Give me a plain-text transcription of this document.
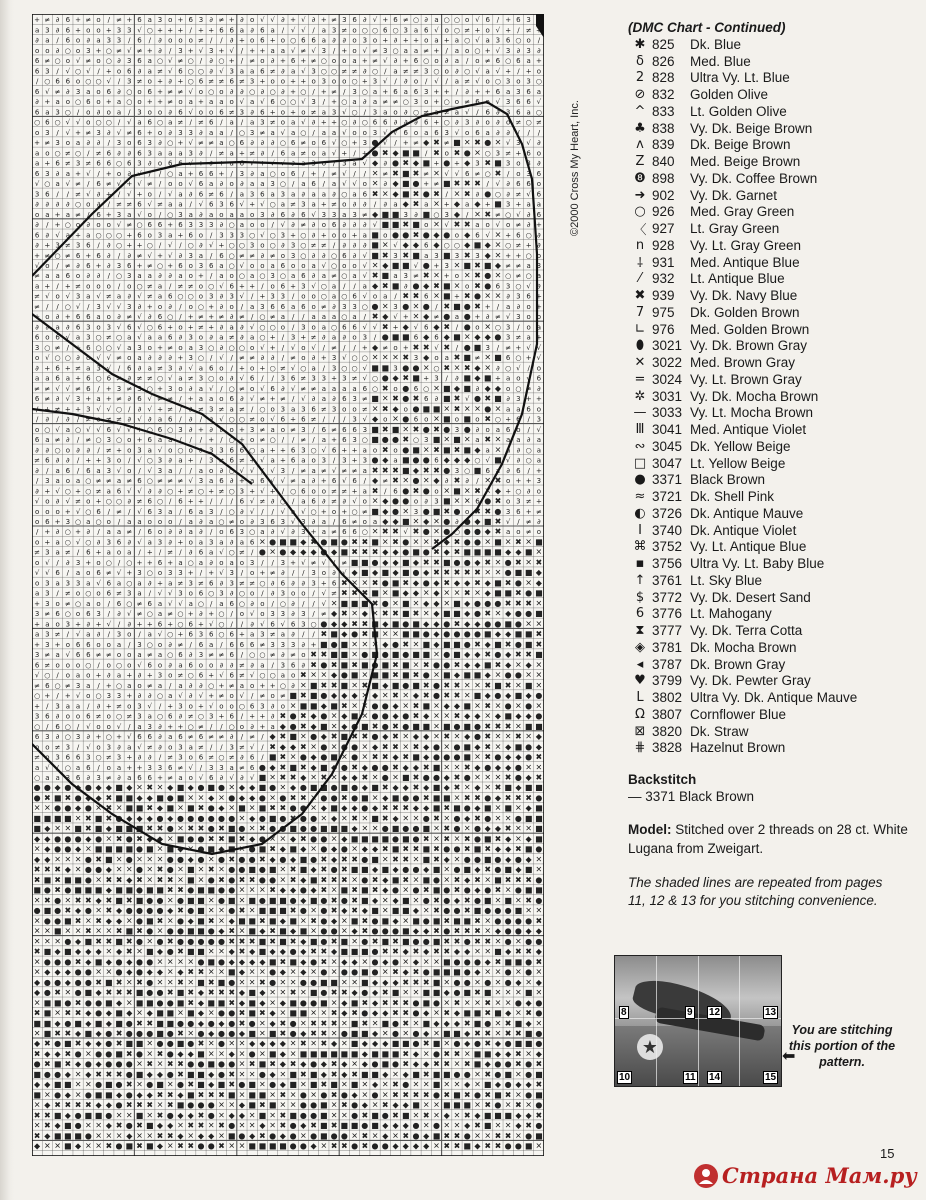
+ ≠ ∂ 6 + ≠ o / ≠ + 6 a 3 o + 6 3 ∂ ≠ + ∂ o √ √ ∂ + √ ∂ + ≠ 3 6 ∂ √ + 6 ≠ ○ ∂ a ○ ○ o √ 6 / + 6 3
a 3 ∂ 6 + o o + 3 3 √ ○ + + + / + + 6 6 a ∂ 6 a / √ √ / a 3 ≠ o ○ ○ 6 ○ 3 a 6 √ o ○ ≠ + o √ + / ≠ +
∂ a / 6 o ∂ a 3 3 / 6 / ∂ o o o ≠ / / ∂ + o 6 + o ○ 6 6 a ∂ ∂ o 3 o + ∂ + + o a + a ○ √ a 3 6 ○ o /
o o ∂ ○ o 3 + ○ ≠ √ ≠ + ∂ / 3 + √ 3 + √ / + + a a √ ≠ √ 3 / + o √ ≠ 3 ○ a a ≠ + / a o ○ + √ 3 ∂ 3 ∂
6 ≠ ○ o √ ≠ o ○ ∂ 3 6 a ○ √ ≠ ○ / ∂ ○ + / ≠ o ∂ + 6 + ≠ ○ o o a + ≠ √ ∂ + 6 ○ o ∂ a / o ≠ 6 ○ 6 a +
6 3 / √ ○ √ / + o 6 ∂ a ≠ √ 6 ○ ○ ∂ √ 3 a a 6 ≠ ∂ a √ 3 ○ ○ ≠ ≠ ∂ ○ / a ≠ ≠ 3 ○ o ∂ ○ √ a √ + / + o
/ ○ 6 6 o ○ ○ √ / 3 ≠ o + ∂ + ○ 6 ≠ ≠ 6 ≠ 3 + o o + + o 3 o o ○ + 3 √ / ∂ o / √ / a ≠ √ o ○ 3 o 3 ○
6 √ ≠ ∂ 3 a o 6 ∂ ○ o 6 + ≠ ≠ √ o ○ o ∂ ∂ ○ ∂ ○ ∂ + ○ / + ≠ / 3 ○ a + 6 a 6 3 + + / ∂ + + 6 a 3 6 a
∂ + a o ○ 6 o + a ○ o + + ≠ o a + a a o √ a √ 6 ○ ○ √ 3 / + ○ a ∂ a ≠ ≠ ○ 3 o + ○ o ≠ 6 o √ 3 6 6 √
6 a 3 ○ / o ∂ o a / 3 o o ∂ 6 √ o o 6 ≠ 3 ∂ 6 + o + o ≠ a 3 √ ○ / 3 a o ∂ ○ ≠ a ≠ a √ / 6 ∂ 3 6 a ○
○ 6 ○ √ √ o ○ ○ / √ a 6 ○ a ≠ / ≠ 6 / a / a 3 ≠ o a √ ∂ + + ○ ∂ ○ 6 6 ∂ ∂ ∂ 6 + ○ ∂ 3 ∂ o ∂ o ≠ ○ ≠
o 3 / √ + ≠ 3 ∂ √ ≠ 6 + o ∂ 3 3 ∂ a a / ○ 3 ≠ a √ a ○ / a a √ o o 3 √ √ 6 o a 6 3 √ o 6 a ∂ ∂ / / /
+ ≠ 3 o a ∂ ∂ / 3 o 6 3 ∂ ○ + √ ≠ ≠ a ○ 6 ∂ ∂ ∂ ○ 6 ≠ o 6 √ ○ + 3 ● √ / + ≠ ◆ ✖ ≠ ■ ✕ ✖ ● ✕ √ 3 √ ∂
a o ○ ≠ ○ / ≠ 6 ∂ ∂ 6 3 a a a 3 ∂ / ≠ a + ≠ ∂ / 6 a ≠ o a √ + / + ● ✖ ◆ ■ ■ / ✖ o ✖ ● ✕ ○ 3 ≠ + 6 o
a + 6 ≠ 3 ≠ 6 6 ○ 6 3 ∂ o 6 6 √ + ∂ + a 6 √ + √ √ ∂ a 3 o / 3 a √ ◆ ∂ ● ✖ ◆ ■ + ● + ◆ 3 ✖ ■ 3 o 3 ∂
6 3 ∂ a + √ / + o ∂ √ / / ○ a + 6 6 + / 3 ∂ a ○ o 6 / + / ≠ √ / / ✕ ≠ ✖ ■ ✖ ≠ ✕ √ √ 6 ≠ ○ ✖ / o 3 6
√ ○ a √ ≠ / 6 ≠ √ + √ ≠ / o o √ 6 a ∂ o ∂ a a 3 ○ / a 6 / a √ √ o ✕ ∂ ◆ ■ ● + ≠ ■ ✖ ✖ ✖ / √ ∂ 6 6 o
3 6 / / ≠ √ ∂ + / √ + o / √ a ∂ 6 ≠ 6 / a 3 6 a 3 a ∂ a a ∂ ○ a 6 ✖ ✕ ◆ ■ ✖ ● ✖ / ✕ ✖ ∂ ● ○ ∂ ≠ √ 6
∂ ∂ ∂ ∂ ○ o ∂ / ≠ ≠ 6 √ ≠ a a / √ 6 3 6 √ + √ ○ a ≠ 3 a + ≠ o ∂ ∂ / ∂ a ◆ ✖ a ✕ + ◆ a ◆ + ■ 3 + a a
o a + a ≠ / 6 + 3 a √ o / ○ 3 a ∂ a o a a o 3 ∂ 6 ∂ 6 √ 3 3 a 3 ≠ ◆ ■ ■ 3 ∂ ■ ○ 3 ◆ / ✕ ✖ ≠ ○ √ ∂ 6
∂ / + ○ o ∂ o o √ ≠ ○ 6 6 + 6 3 3 3 ∂ ○ a o o / √ ∂ ≠ ∂ o 6 ∂ ∂ ∂ √ ■ ■ ✖ ■ o ✕ √ ✖ ✖ a o √ o ≠ ∂ +
6 ∂ √ a + a ○ ○ ○ + 6 o 3 a + 6 o / 3 3 3 ○ √ ○ 3 + ○ ∂ + o o + a ■ o ● ● ✖ ● ◆ ● o ◆ 6 √ ✕ + 6 ○ ∂
∂ + 3 ≠ 3 6 / ∂ ○ + + ○ / √ / ○ ∂ √ + ○ ○ 3 o ○ ∂ 3 ○ ≠ ≠ / ∂ ∂ ∂ ■ ✕ √ ◆ ◆ 6 ◆ ○ ○ ◆ ■ ◆ ✕ ○ ≠ + ∂
+ ≠ ○ ≠ 6 + 6 ∂ / ∂ ≠ √ + √ ∂ 3 a / 6 ○ ≠ ≠ ∂ ≠ o 3 ○ ∂ ∂ ○ 6 ∂ √ ■ ✖ 3 ✖ ■ a 3 ■ 3 ✖ 3 ◆ ✕ + + ○ o
√ o / ≠ ∂ 6 + ∂ 3 6 + ≠ ○ + 6 o 3 6 a ○ √ o o a 6 o o a √ ○ o o √ ✕ ◆ ■ ■ √ ● + 3 ✕ ■ ✖ ■ ◆ ≠ ≠ a 3
≠ a a 6 o ∂ ∂ / ○ 3 a a ∂ ∂ a o + / a o ○ a ○ 3 ○ a 6 ∂ a ≠ ○ a √ ✖ ■ a 3 ≠ ✖ ✕ + o ✕ ✖ ● ✕ ○ ≠ ○ a
a + / + ≠ o o o / o ○ ≠ a / ≠ ≠ o ○ √ 6 + + / o 6 + 3 √ ○ a / / a ◆ ✖ ■ ∂ ● ◆ ✖ ■ ✕ o ✖ ● 6 3 ○ √ ∂
≠ √ o √ 3 a √ ≠ a ∂ √ ≠ a 6 ○ ○ o 3 ∂ 3 √ / + 3 3 / o o ○ a ○ 6 √ o a / ✖ ✖ 6 ✕ ■ + ✖ ● ✕ ✕ ∂ 3 6 +
≠ / / ○ √ / 3 √ √ 3 ∂ + o ∂ / o ○ + ∂ o / a 3 6 6 a 6 o ≠ ∂ 3 3 ○ ● ✕ 3 ● ✕ ● / ✖ ■ ● ✖ + / a ∂ o +
+ o ∂ + 6 6 a o ∂ ≠ √ ∂ 6 ○ / + ≠ + ≠ ∂ ≠ / ○ ≠ a / / a a a ○ a / ✖ ◆ √ + ✕ ◆ ≠ ● a ● + ∂ ≠ √ 3 o o
∂ ∂ a ∂ 6 3 o 3 √ 6 √ ○ 6 + o + ≠ + ∂ a ∂ √ ○ ○ o / 3 o a ○ 6 6 √ √ ✖ + ◆ √ 6 ◆ ✖ / ● o ✕ ○ 3 / o a
6 o 6 √ a 3 ○ ≠ ○ a √ a a 6 ∂ 3 o ∂ a ≠ ∂ a ○ + / 3 + ≠ ∂ a ∂ o 3 / ● ■ ■ 6 ◆ 6 ◆ ■ ✕ ◆ ◆ ● 3 ≠ a +
3 ○ ≠ / + 6 ○ ○ √ a 3 o + ≠ o a 3 ○ ∂ ○ ○ o √ + / √ o √ / ≠ / / + ◆ ≠ o + ✖ ✖ √ ✖ / ● ■ 3 / ≠ + √ √
o √ ○ ○ ∂ o √ √ ≠ o a ∂ ∂ ∂ + 3 ○ / √ / ≠ ≠ ∂ ∂ / ≠ o ∂ + 3 √ ○ ○ ✕ ✕ ✕ ✖ 3 ◆ o a ✖ ■ ≠ ✕ ■ 6 ○ + √
∂ + 6 + ≠ a 3 √ / 6 ∂ a ≠ 3 ∂ √ a 6 o / + o + ○ ≠ √ ○ a / 3 ○ ○ √ ■ ■ 3 ● ● ✕ ○ ✖ ✕ ✖ ◆ ✕ ∂ ○ √ / o
a a 6 a + 6 ○ 6 ≠ ∂ ≠ ≠ ○ √ a ≠ 3 ○ o ∂ √ 6 / / 3 6 ≠ 3 3 + 3 ≠ √ ○ ● ◆ ✖ ■ + 3 / ∂ ■ ◆ ■ + a o √ 6
≠ ≠ √ √ ≠ 6 / + 3 ≠ 3 ○ + 3 o ∂ a √ / ○ ≠ o √ 6 ∂ √ ≠ ≠ a a a a 6 ○ ✖ o ● 6 ○ ✕ ■ ◆ ■ ∂ ◆ ◆ o ○ ≠ ∂
6 ≠ ∂ √ 3 + a + ≠ ∂ 6 √ ≠ ≠ / + a a o 6 ∂ √ ≠ + ≠ / √ ∂ a ∂ 6 3 ≠ ■ ✕ ✖ ● ✖ 6 ∂ ■ ✖ √ ● ✖ ■ ∂ 3 + +
/ + ≠ + + 3 √ √ ○ / ∂ √ + ≠ / ∂ ≠ 3 ≠ a ≠ / ○ o 3 a 3 6 ≠ 3 o o ≠ ✕ ✖ ◆ o ● ■ ■ ✕ ✖ ✕ ✕ ● ✕ a a 6 o
/ ∂ / ∂ / ≠ o ≠ ≠ ∂ √ ∂ a 6 / ∂ / ∂ √ ○ ○ ≠ o √ 6 + 6 ≠ / / / 3 √ ◆ o ✕ ● 6 o ✕ ■ o ■ o ✖ ○ + 6 / 3
o ○ √ a ○ √ √ 6 √ √ + ○ 6 ○ 3 ∂ + ∂ ∂ o + 3 ≠ a o ≠ 3 / 6 ≠ 6 6 3 ■ ✖ ■ ✕ ✖ ● ✖ ● 3 ● ∂ o a 6 o / √
6 a ≠ ∂ / ≠ ○ 3 ○ o + 6 a a / / / + / ○ + o ≠ ○ / / ≠ / a + 6 3 ○ ■ ● ● ✖ ○ 3 ■ ✕ ■ ✕ a ✖ ✕ a a ∂ a
∂ ∂ ○ o ∂ ∂ / ≠ + o 3 a √ o ○ o ∂ 3 3 6 6 ○ a + + 6 3 ○ √ 6 + + a o ✖ o ● ■ ✕ ✖ ■ ✖ ■ ◆ a ✕ a ∂ ○ a
≠ 6 ∂ ∂ / + + 3 o / √ ○ 3 ∂ a + / 3 ≠ 6 ≠ + √ a + 6 a o 3 / 3 + 3 ● ◆ a ■ ● ● 6 ◆ ◆ ◆ ○ √ ■ √ ∂ ○ a
∂ / a 6 / 6 a 3 √ o / √ 3 a / / a o ∂ ○ √ √ / √ 3 / ≠ a ≠ √ ≠ ≠ a ✖ ✖ ✖ ■ ◆ ✖ ✖ ● 3 ○ ■ 6 a ∂ 6 / +
/ 3 a o a ○ ≠ ≠ a ≠ 6 ○ ≠ ≠ ≠ √ 3 a 6 ∂ + a 6 √ √ ≠ a ∂ + 6 √ 6 / ◆ ≠ ✖ ✕ ● ✕ ◆ ∂ ✖ ∂ / ✕ ✖ o + + 3
∂ + √ ○ + ○ ≠ a 6 √ √ ∂ ∂ ○ + ≠ ○ + ≠ ○ 3 + √ + / ○ 6 o o ≠ ≠ + a ✖ / 6 ● ✖ ● o ✕ ■ ✕ ✖ ✕ ◆ + ○ ∂ o
√ o ∂ √ ≠ o + ○ ○ ∂ ≠ 6 ○ / 6 + + / / / 6 √ ≠ ∂ ○ / a 6 ∂ ≠ ∂ √ o ✕ ◆ ● ● o ∂ 3 ■ ✕ ✕ 6 ● ✖ o 3 ≠ +
o o o + √ ○ 6 / ≠ / √ 6 3 a / 6 a 3 / ○ ∂ √ / / √ a √ ○ + o + ○ ≠ ■ ◆ ● ✕ 3 ● ■ ✖ ● o ✖ ✖ ● 3 6 + ≠
o 6 + 3 ○ a ○ o / a a o o o / a ∂ a ○ ≠ o ∂ 3 6 3 √ 3 ∂ a / 6 ≠ o a ◆ ◆ ■ ✕ ◆ ✕ ● ∂ ● ◆ ■ ✖ √ / ≠ ∂
/ + ∂ ○ + ∂ / a a ≠ / 6 o ∂ ∂ a ∂ / o 6 3 ○ a ∂ √ ∂ 3 + a ≠ 6 6 ○ ✕ ✖ ✖ √ ✖ ● ✕ ● ○ ● ● ◆ ✖ a o ≠ o
o + a ○ √ ○ ∂ 3 6 ∂ √ a 3 ∂ + o a 3 a ∂ a 6 ✕ ● ■ ■ ◆ ✖ ● ■ ● ✖ ✖ ■ ✕ ✖ ● ✕ ✕ ✖ ◆ ✖ ● ● ✕ ■ ✕ ✖ ✕ ■
≠ 3 a ≠ / 6 + a o a / + / ≠ / ∂ 6 a √ ○ ≠ / ● ✕ ● ◆ ◆ ◆ ● ◆ ■ ✖ ✖ ✖ ◆ ◆ ● ■ ● ✖ ◆ ✖ ■ ■ ■ ■ ◆ ◆ ■ ✕
o √ / ∂ 3 + o ○ / ○ + + 6 + a ○ a ∂ o a o 3 / / 3 + √ ≠ √ / ≠ ■ ■ ● ◆ ◆ ■ ◆ ✖ ✖ ■ ● ● ◆ ✖ ✕ ● ✖ ✕ ✖
√ √ 6 / a o 6 ≠ √ + 3 ○ o 3 3 + / + √ 3 / o + ≠ ∂ / / 3 o ∂ √ ◆ ■ ◆ ■ ◆ ■ ● ◆ ✖ ✖ ✖ ✖ ✖ ✕ ✕ ● ■ ■ ◆
o 3 a 3 3 a √ 6 a ○ a ∂ + a ≠ 3 ≠ 6 ∂ 3 ≠ ≠ ○ ∂ 6 ∂ ∂ 3 + 6 ✖ ✕ ✕ ✖ ● ■ ✖ ◆ ● ◆ ✖ ◆ ◆ ✖ ◆ ■ ✖ ● ✕ ◆
a 3 / ≠ o ○ o 6 ≠ 3 a / √ √ 3 o 6 ○ 3 ∂ ○ o / ∂ 3 o o / √ ≠ ✖ ✖ ✖ ■ ✕ ■ ◆ ◆ ✕ ◆ ✕ ✕ ✖ ✕ ◆ ■ ■ ✖ ● ■
+ 3 o ≠ ○ a o / 6 ○ ≠ 6 a √ √ a ○ / a 6 ○ ∂ o / ○ ∂ / / √ ✕ ■ ■ ■ ✖ ● ✕ ■ ✕ ◆ ◆ ✕ ■ ◆ ● ● ● ✖ ✖ ✖ ✕
3 ≠ 6 ○ o 6 3 / ∂ √ ≠ ○ a ≠ ○ + ∂ + ○ / o √ o 3 3 ∂ 3 / ≠ ◆ ✖ ✕ ◆ ✕ ✖ ✖ ■ ✖ ✕ ◆ ■ ■ ◆ ● ✖ ✕ ◆ ● ● ■
+ a o 3 + ∂ + √ / ∂ + + 6 + ○ 6 + √ ○ / / ∂ √ 6 √ 6 3 ○ ● ◆ ◆ ✖ ✖ ■ ◆ ■ ● ■ ◆ ◆ ● ✖ ◆ ◆ ● ● ■ ● ✕ ✕
a 3 ≠ / √ a ∂ / 3 o / a √ ○ + 6 3 6 ○ 6 + a 3 ≠ a ∂ / / ✖ ■ ◆ ● ✖ ■ ✕ ✕ ■ ■ ● ◆ ● ● ● ● ■ ◆ ◆ ■ ■ ✖
+ 3 + o 6 6 o o a / 3 ○ o ∂ ≠ / 6 a / 6 6 6 ≠ 3 3 3 ∂ + ■ ● ■ ✕ ✕ ✕ ◆ ● ✖ ✕ ■ ◆ ■ ■ ● ✖ ◆ ■ ✖ ● ■ ✖
3 ≠ a √ 6 6 ≠ ≠ o o a ≠ a ○ 6 ∂ 3 ≠ ≠ 6 / ○ ○ ≠ ∂ ≠ o ✖ ✖ ■ ■ ✕ ● ■ ● ■ ● ■ ■ ✕ ● ■ ◆ ◆ ✖ ● ◆ ✖ ✖ ■
6 ≠ o o o ○ / o ○ o √ 6 o ∂ a 6 o o ∂ ∂ ≠ ∂ a / 3 6 ∂ ✖ ● ✖ ■ ✖ ■ ● ■ ✖ ■ ✕ ✖ ● ● ✖ ◆ ◆ ■ ✖ ◆ ✕ ◆ ✕
√ ○ / o a o + ∂ a + ∂ + 3 o ≠ ○ 6 + √ 6 ≠ √ ○ ○ a o ✖ ✕ ✕ ◆ ● ■ ✕ ■ ■ ✖ ■ ✖ ● ✕ ■ ◆ ■ ■ ◆ ✕ ● ● ✕ ✕
≠ 6 ○ ≠ 3 a / + ○ a o ≠ a / a ∂ ∂ ○ + ≠ a o + + ○ ∂ ✕ ■ ✖ ✖ ■ ✕ ✖ ■ ◆ ■ ● ■ ✖ ● ✖ ✖ ✕ ✕ ✖ ■ ✖ ✕ ■ ✕
○ + / + √ o ○ 3 3 + ∂ ∂ ○ a √ ∂ √ + ≠ o √ / ≠ o ≠ ■ ✖ ■ ● ◆ ◆ ◆ ✕ ◆ ✕ ✖ ✕ ◆ ✖ ● ✖ ✖ ✕ ■ ◆ ● ◆ ■ ◆ ●
+ / 3 a a / ∂ + ≠ o 3 √ / + 3 o + √ o o ○ 6 3 ∂ o ✕ ■ ■ ◆ ■ ✖ ✕ ✕ ● ● ◆ ✕ ✖ ■ ✕ ◆ ◆ ■ ✕ ✖ ✕ ● ✕ ● ✕
3 6 ∂ o o 6 ≠ o ○ ≠ 3 a ○ 6 ∂ ≠ ○ 3 + 6 / + + ∂ ✖ ● ✖ ◆ ● ✕ ◆ ■ ✕ ● ● ◆ ● ✖ ◆ ✕ ✕ ✖ ◆ ◆ ✕ ◆ ■ ◆ ◆ ●
○ / 6 ○ / √ o o √ / a 3 ∂ + + ○ ≠ / / ○ o ∂ + a ◆ ● ✖ ◆ ■ ✕ ◆ ● ■ ✖ ● ✖ ● ■ ■ ✕ ■ ● ■ ● ✖ ✖ ✖ ✕ ■ ■
6 3 ∂ ○ 3 ∂ + ○ + √ 6 6 ∂ a 6 ≠ 6 ≠ ≠ ∂ / ≠ / ◆ ✖ ■ ✕ ● ◆ ✖ ■ ✖ ✖ ● ◆ ✖ ✕ ◆ ◆ ✕ ✖ ✕ ◆ ● ✖ ✕ ✕ ✖ ✕ ◆
o o ≠ 3 / √ o 3 ∂ a √ ≠ ∂ o 3 a ≠ / / 3 ≠ √ / ✖ ◆ ◆ ✖ ✕ ● ✕ ● ● ✕ ◆ ✖ ✖ ✕ ✖ ◆ ● ✕ ● ■ ◆ ✖ ✕ ◆ ■ ● ◆
≠ o 3 6 6 3 ○ ≠ 3 + ∂ ∂ / ≠ 3 o 6 ≠ ○ ≠ ∂ 6 / ■ ✖ ✕ ● ◆ ● ■ ✕ ● ✕ ✖ ✖ ◆ ✖ ■ ◆ ● ● ● ■ ✕ ✖ ● ◆ ◆ ● ✖
a √ / ○ a 6 / o a + + 3 3 6 ≠ √ / 3 3 a ≠ 6 ● ◆ ✖ ■ ✖ ◆ ■ ◆ ● ✖ ◆ ● ● ✖ ◆ ◆ ✖ ■ ✕ ✕ ✖ ◆ ● ◆ ◆ ● ✕ ✕
○ a a 3 6 ∂ 3 ≠ ∂ a 6 6 + ≠ a o √ 6 ∂ √ ∂ √ ■ ✕ ✖ ✖ ◆ ✕ ✖ ✕ ◆ ◆ ✖ ✕ ● ✕ ■ ✖ ● ● ◆ ✖ ● ✕ ✕ ✕ ✖ ● ◆ ✖
● ● ◆ ● ◆ ● ◆ ◆ ■ ◆ ✕ ✖ ✕ ◆ ■ ◆ ● ■ ● ✕ ◆ ◆ ■ ● ✕ ◆ ● ■ ■ ● ■ ● ◆ ■ ✖ ◆ ◆ ✖ ◆ ■ ◆ ✖ ✕ ◆ ✕ ✖ ■ ◆ ■ ■
● ✖ ■ ✖ ● ◆ ◆ ✖ ■ ■ ◆ ◆ ■ ● ■ ✕ ✕ ◆ ✕ ● ◆ ◆ ● ✕ ● ✖ ✖ ✕ ● ● ✖ ● ■ ✕ ◆ ■ ● ● ✖ ■ ■ ✕ ✖ ✖ ● ◆ ✖ ✖ ✖ ●
✕ ✕ ● ● ◆ ● ✕ ✖ ✕ ■ ■ ✖ ◆ ■ ✕ ■ ✖ ● ◆ ✕ ■ ✕ ■ ✖ ✖ ● ● ✕ ◆ ■ ◆ ◆ ● ◆ ✖ ✖ ✖ ◆ ◆ ■ ✖ ■ ● ◆ ■ ✕ ■ ✕ ◆ ■
■ ■ ■ ■ ✕ ✖ ■ ✖ ● ◆ ◆ ◆ ● ◆ ● ● ● ● ● ● ✕ ◆ ● ■ ● ✖ ● ● ✕ ◆ ✕ ✖ ✕ ■ ✖ ◆ ✕ ✕ ● ✖ ✕ ● ◆ ✖ ● ✕ ✕ ● ■ ■
■ ◆ ✕ ✕ ■ ✖ ■ ◆ ■ ■ ■ ✖ ✖ ● ✕ ✖ ✖ ● ✖ ■ ● ✕ ✖ ● ● ■ ● ● ■ ■ ■ ◆ ✕ ✕ ● ■ ● ● ■ ✕ ✖ ● ✕ ● ◆ ◆ ✖ ✕ ✕ ■
◆ ◆ ● ● ● ◆ ● ✕ ✖ ● ✖ ◆ ◆ ✕ ■ ● ● ✖ ✖ ■ ✖ ◆ ● ✕ ✕ ◆ ✖ ● ● ✕ ◆ ■ ■ ■ ■ ● ■ ● ✖ ✕ ✖ ✕ ✖ ● ■ ✖ ◆ ✕ ◆ ■
✕ ◆ ● ● ◆ ✕ ■ ■ ■ ■ ● ■ ✕ ■ ◆ ✕ ● ■ ◆ ■ ✕ ● ■ ✖ ◆ ■ ◆ ✕ ● ◆ ● ✕ ◆ ◆ ✖ ■ ✖ ✖ ■ ✖ ● ● ✖ ■ ✖ ◆ ◆ ✖ ■ ●
◆ ◆ ✕ ✕ ✕ ● ✖ ■ ✕ ● ✕ ✕ ✕ ● ● ◆ ● ✕ ● ✖ ● ● ✖ ◆ ● ◆ ■ ● ✖ ◆ ✖ ✖ ● ■ ✕ ✖ ✖ ✕ ■ ✖ ◆ ✕ ● ● ■ ● ◆ ● ◆ ✕
✖ ✖ ✖ ◆ ✕ ● ● ◆ ✕ ✕ ● ✕ ✖ ● ✕ ■ ✕ ✖ ✕ ● ● ■ ● ■ ✕ ✖ ■ ◆ ✖ ● ✖ ■ ■ ◆ ■ ◆ ● ● ◆ ■ ✕ ● ■ ◆ ✖ ● ■ ◆ ■ ✕
✖ ■ ✖ ■ ■ ● ✕ ✖ ✖ ◆ ✖ ✕ ✖ ✖ ✕ ■ ✕ ● ✖ ● ✖ ✖ ● ● ✕ ✖ ◆ ■ ✖ ✖ ✖ ✕ ● ✖ ◆ ■ ✖ ✕ ■ ● ✕ ✖ ◆ ✖ ✕ ■ ✖ ✖ ✖ ●
■ ● ✖ ● ■ ■ ■ ◆ ■ ■ ● ■ ■ ✖ ✖ ● ■ ■ ● ● ✕ ✕ ✕ ✖ ◆ ◆ ● ◆ ✖ ✕ ■ ✖ ■ ✖ ◆ ● ✕ ● ✖ ■ ● ✖ ● ◆ ● ✖ ✕ ● ■ ■
✕ ✖ ● ✕ ✖ ✖ ◆ ✖ ■ ✖ ■ ● ● ✕ ● ■ ■ ✕ ● ■ ✕ ■ ● ■ ■ ● ◆ ■ ● ✖ ● ✖ ■ ◆ ✕ ◆ ■ ✕ ● ✖ ● ◆ ✖ ● ■ ✕ ■ ✕ ✖ ●
● ■ ● ✖ ◆ ● ✕ ✖ ◆ ● ● ● ● ◆ ✖ ● ■ ✕ ✕ ● ✖ ✕ ■ ■ ■ ✖ ● ✕ ● ✖ ◆ ✖ ◆ ■ ✕ ■ ■ ◆ ✕ ✖ ● ● ✖ ■ ● ● ● ■ ✕ ✕
✕ ● ● ■ ✖ ✕ ✖ ◆ ◆ ✕ ● ■ ✖ ✕ ● ◆ ■ ✖ ✕ ◆ ■ ■ ✖ ■ ◆ ■ ✕ ✖ ● ◆ ✕ ■ ✖ ● ■ ◆ ✕ ■ ● ■ ✖ ■ ■ ✖ ✕ ● ● ● ● ✖
✕ ✕ ■ ✕ ✕ ✖ ✕ ✕ ✖ ■ ✖ ● ✕ ● ● ■ ■ ● ◆ ✖ ✕ ■ ◆ ✖ ■ ◆ ■ ✕ ● ● ✕ ◆ ✖ ● ● ● ■ ◆ ◆ ✖ ● ✖ ✖ ✖ ✕ ◆ ● ● ◆ ◆
✕ ✕ ✕ ● ◆ ■ ✖ ✖ ■ ✖ ● ✕ ● ✖ ● ● ● ● ● ✖ ✖ ✖ ■ ✖ ■ ✖ ◆ ■ ● ✖ ■ ✕ ● ✖ ■ ✖ ■ ● ● ■ ✖ ✖ ● ✖ ✖ ✕ ● ✕ ● ●
✖ ■ ◆ ■ ◆ ◆ ◆ ✕ ◆ ✖ ✕ ■ ◆ ● ✖ ■ ■ ✕ ✕ ◆ ✖ ◆ ■ ◆ ◆ ● ◆ ✖ ✖ ◆ ■ ■ ■ ● ✖ ✖ ◆ ✖ ◆ ✖ ✖ ◆ ◆ ✕ ✕ ■ ◆ ✖ ✖ ◆
✕ ● ● ● ✖ ◆ ■ ◆ ● ◆ ● ● ✕ ✕ ✕ ✕ ● ■ ● ◆ ◆ ◆ ◆ ■ ✖ ■ ◆ ● ✖ ✕ ◆ ◆ ✕ ● ◆ ● ✕ ◆ ✕ ✕ ■ ● ● ● ◆ ✖ ■ ■ ● ✖
✕ ◆ ◆ ◆ ● ● ✕ ✕ ● ◆ ● ◆ ◆ ✕ ◆ ✖ ✖ ✕ ✕ ■ ◆ ✕ ✕ ● ◆ ✕ ◆ ✕ ● ✕ ● ● ■ ● ✕ ✖ ◆ ✖ ● ■ ■ ■ ● ◆ ✕ ✕ ● ✕ ● ✕
◆ ● ● ◆ ● ● ✖ ■ ✖ ✕ ✖ ● ✕ ✕ ✖ ✕ ■ ✖ ■ ● ✕ ✕ ✖ ● ✕ ✕ ● ● ■ ■ ✕ ✕ ■ ◆ ◆ ◆ ✖ ✖ ✖ ■ ✕ ● ● ✕ ● ✕ ● ◆ ✕ ◆
◆ ● ✖ ✕ ● ■ ◆ ✖ ✖ ✖ ■ ● ● ✖ ■ ✖ ◆ ✖ ✖ ✖ ◆ ■ ◆ ✕ ✕ ✖ ✕ ■ ● ✖ ✖ ◆ ● ◆ ✖ ■ ✕ ✕ ■ ■ ◆ ● ■ ✖ ■ ✕ ✕ ✕ ■ ✕
✕ ■ ■ ● ✖ ● ● ■ ◆ ✕ ■ ■ ● ● ■ ✖ ◆ ■ ■ ✖ ◆ ■ ◆ ✕ ◆ ■ ● ● ■ ✕ ◆ ■ ✖ ◆ ✖ ✖ ✖ ● ■ ● ✕ ✖ ✕ ✕ ✖ ✕ ✕ ● ◆ ●
✖ ■ ✕ ✖ ✖ ◆ ● ◆ ■ ◆ ✕ ◆ ■ ■ ✕ ■ ◆ ✕ ● ● ✖ ■ ✖ ◆ ✕ ■ ■ ✕ ✕ ✖ ◆ ✖ ● ◆ ◆ ✖ ✖ ● ◆ ✕ ✖ ◆ ■ ■ ✖ ■ ◆ ✕ ✖ ●
■ ■ ◆ ● ■ ◆ ■ ◆ ■ ● ✖ ✖ ■ ■ ● ● ◆ ● ◆ ● ✖ ● ✕ ◆ ✖ ● ✕ ✖ ✖ ✖ ✕ ■ ✖ ✕ ■ ● ✖ ✕ ■ ◆ ◆ ◆ ✖ ■ ● ✕ ✖ ■ ◆ ✕
✕ ■ ✖ ✖ ◆ ■ ◆ ● ✖ ● ● ● ■ ● ✖ ✕ ● ◆ ● ● ◆ ■ ✕ ■ ✖ ● ◆ ✖ ✖ ✕ ● ■ ■ ◆ ✕ ● ✕ ● ◆ ✕ ■ ■ ◆ ✖ ✖ ✕ ✖ ✖ ■ ●
◆ ✖ ● ■ ✖ ◆ ◆ ● ✖ ■ ■ ✕ ● ● ■ ● ✖ ✕ ● ✕ ✕ ◆ ◆ ◆ ◆ ✕ ✖ ✕ ✖ ◆ ✕ ■ ◆ ◆ ◆ ■ ■ ● ✖ ■ ✕ ● ◆ ● ✖ ◆ ● ■ ■ ●
✖ ◆ ◆ ✖ ● ✕ ● ● ■ ✖ ● ✕ ✖ ● ◆ ◆ ■ ✕ ✕ ◆ ✕ ● ✕ ■ ◆ ✕ ■ ■ ■ ■ ■ ■ ◆ ■ ■ ■ ✖ ◆ ✕ ● ✖ ✖ ✕ ■ ■ ◆ ◆ ✖ ✕ ◆
● ✖ ■ ✖ ◆ ● ◆ ● ● ● ✕ ✖ ✕ ✖ ✖ ● ● ■ ● ● ✕ ✖ ■ ✖ ◆ ✖ ◆ ● ◆ ✖ ◆ ✕ ◆ ● ■ ● ✖ ◆ ◆ ✖ ✖ ✕ ✖ ■ ◆ ● ● ✖ ● ✖
■ ● ● ◆ ✕ ◆ ✖ ✖ ✖ ● ■ ◆ ◆ ● ✖ ■ ■ ◆ ● ✖ ✕ ✕ ● ◆ ✕ ■ ✖ ■ ◆ ✖ ◆ ✖ ■ ■ ◆ ✕ ◆ ■ ✖ ■ ■ ● ● ✕ ✖ ● ■ ✕ ● ■
◆ ◆ ■ ■ ✕ ✕ ● ■ ● ✖ ✕ ● ■ ✕ ● ✖ ■ ◆ ■ ✖ ● ■ ✕ ● ◆ ■ ✕ ■ ✖ ■ ✕ ■ ✕ ◆ ✕ ✖ ● ✕ ✕ ■ ✕ ✕ ◆ ✕ ■ ◆ ● ◆ ◆ ✖
■ ✕ ● ◆ ✕ ● ■ ■ ◆ ● ◆ ◆ ✖ ✖ ◆ ■ ✖ ✖ ✖ ■ ✕ ■ ■ ✕ ✖ ✕ ● ✕ ● ✖ ● ◆ ✕ ● ✕ ✖ ✖ ✖ ✖ ● ✖ ■ ✖ ● ✖ ■ ✖ ✕ ● ■
✕ ◆ ✖ ✖ ✖ ✖ ◆ ◆ ● ✖ ✖ ✖ ✕ ✖ ■ ● ● ● ✕ ✕ ◆ ■ ✖ ■ ✕ ✕ ● ● ■ ✕ ✖ ● ◆ ✕ ✖ ◆ ◆ ■ ✕ ✕ ■ ■ ■ ✕ ✖ ● ✕ ✖ ✕ ●
✖ ✖ ■ ◆ ● ■ ■ ● ✕ ✕ ■ ✕ ✖ ● ◆ ◆ ✖ ● ✕ ◆ ◆ ✕ ■ ✕ ✖ ■ ● ● ■ ✕ ✕ ● ✖ ■ ● ✖ ■ ✕ ✖ ✕ ◆ ✕ ✖ ◆ ■ ■ ■ ◆ ◆ ✖
✕ ✖ ◆ ■ ● ✕ ✕ ◆ ✖ ● ✖ ■ ◆ ◆ ✕ ✖ ✖ ✕ ✖ ● ✕ ✕ ◆ ✕ ✖ ● ◆ ✖ ■ ✖ ■ ■ ● ■ ◆ ◆ ◆ ● ✕ ● ✕ ✕ ◆ ✖ ■ ✕ ✕ ◆ ✖ ●
✖ ◆ ■ ■ ■ ● ✕ ✕ ✕ ◆ ✕ ✕ ✖ ✖ ◆ ✕ ◆ ◆ ✕ ■ ● ◆ ✖ ● ◆ ● ✕ ● ■ ● ● ✕ ✖ ✕ ◆ ✕ ✖ ● ◆ ■ ✖ ✖ ● ✕ ✕ ✖ ✖ ✕ ● ■
◆ ✕ ✕ ■ ◆ ✕ ✕ ✖ ● ■ ✖ ■ ◆ ✕ ✖ ✖ ● ● ✖ ✕ ✕ ■ ■ ■ ■ ● ● ◆ ✕ ✖ ✖ ● ✖ ● ● ◆ ◆ ◆ ◆ ✕ ✖ ✖ ■ ◆ ✖ ✖ ● ● ■ ✕
©2000 Cross My Heart, Inc.
(DMC Chart - Continued)
✱ 825	Dk. Blue
δ 826	Med. Blue
2 828	Ultra Vy. Lt. Blue
⊘ 832	Golden Olive
^ 833	Lt. Golden Olive
♣ 838	Vy. Dk. Beige Brown
ʌ 839	Dk. Beige Brown
Z 840	Med. Beige Brown
❽ 898	Vy. Dk. Coffee Brown
➜ 902	Vy. Dk. Garnet
○ 926	Med. Gray Green
〈 927	Lt. Gray Green
n 928	Vy. Lt. Gray Green
⸸ 931	Med. Antique Blue
⁄ 932	Lt. Antique Blue
✖ 939	Vy. Dk. Navy Blue
7 975	Dk. Golden Brown
∟ 976	Med. Golden Brown
⬮ 3021 Vy. Dk. Brown Gray
✕ 3022 Med. Brown Gray
= 3024 Vy. Lt. Brown Gray
✲ 3031 Vy. Dk. Mocha Brown
— 3033 Vy. Lt. Mocha Brown
Ⅲ 3041 Med. Antique Violet
∾ 3045 Dk. Yellow Beige
□ 3047 Lt. Yellow Beige
● 3371 Black Brown
≈ 3721 Dk. Shell Pink
◐ 3726 Dk. Antique Mauve
I 3740 Dk. Antique Violet
⌘ 3752 Vy. Lt. Antique Blue
▪ 3756 Ultra Vy. Lt. Baby Blue
↑ 3761 Lt. Sky Blue
$ 3772 Vy. Dk. Desert Sand
6 3776 Lt. Mahogany
⧗ 3777 Vy. Dk. Terra Cotta
◈ 3781 Dk. Mocha Brown
◂ 3787 Dk. Brown Gray
♥ 3799 Vy. Dk. Pewter Gray
L 3802 Ultra Vy. Dk. Antique Mauve
Ω 3807 Cornflower Blue
⊠ 3820 Dk. Straw
⋕ 3828 Hazelnut Brown
Backstitch
— 3371 Black Brown
Model: Stitched over 2 threads on 28 ct. White Lugana from Zweigart.
The shaded lines are repeated from pages 11, 12 & 13 for you stitching convenience.
★
8	9 12	13
10	11 14	15
⬅
You are stitching this portion of the pattern.
15
Страна Мам.ру
